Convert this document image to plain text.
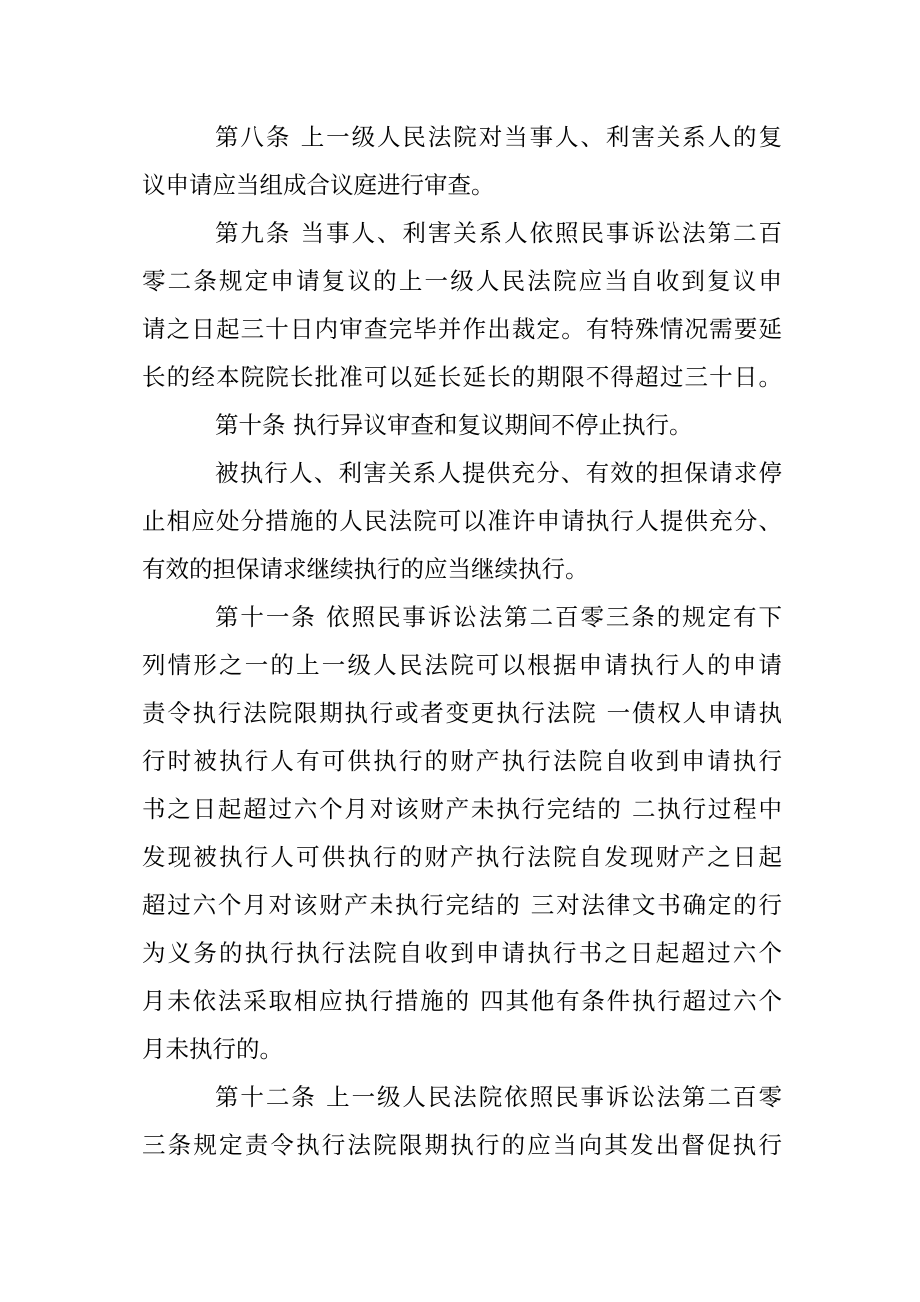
第八条 上一级人民法院对当事人、利害关系人的复
议申请应当组成合议庭进行审查。
第九条 当事人、利害关系人依照民事诉讼法第二百
零二条规定申请复议的上一级人民法院应当自收到复议申
请之日起三十日内审查完毕并作出裁定。有特殊情况需要延
长的经本院院长批准可以延长延长的期限不得超过三十日。
第十条 执行异议审查和复议期间不停止执行。
被执行人、利害关系人提供充分、有效的担保请求停
止相应处分措施的人民法院可以准许申请执行人提供充分、
有效的担保请求继续执行的应当继续执行。
第十一条 依照民事诉讼法第二百零三条的规定有下
列情形之一的上一级人民法院可以根据申请执行人的申请
责令执行法院限期执行或者变更执行法院 一债权人申请执
行时被执行人有可供执行的财产执行法院自收到申请执行
书之日起超过六个月对该财产未执行完结的 二执行过程中
发现被执行人可供执行的财产执行法院自发现财产之日起
超过六个月对该财产未执行完结的 三对法律文书确定的行
为义务的执行执行法院自收到申请执行书之日起超过六个
月未依法采取相应执行措施的 四其他有条件执行超过六个
月未执行的。
第十二条 上一级人民法院依照民事诉讼法第二百零
三条规定责令执行法院限期执行的应当向其发出督促执行
